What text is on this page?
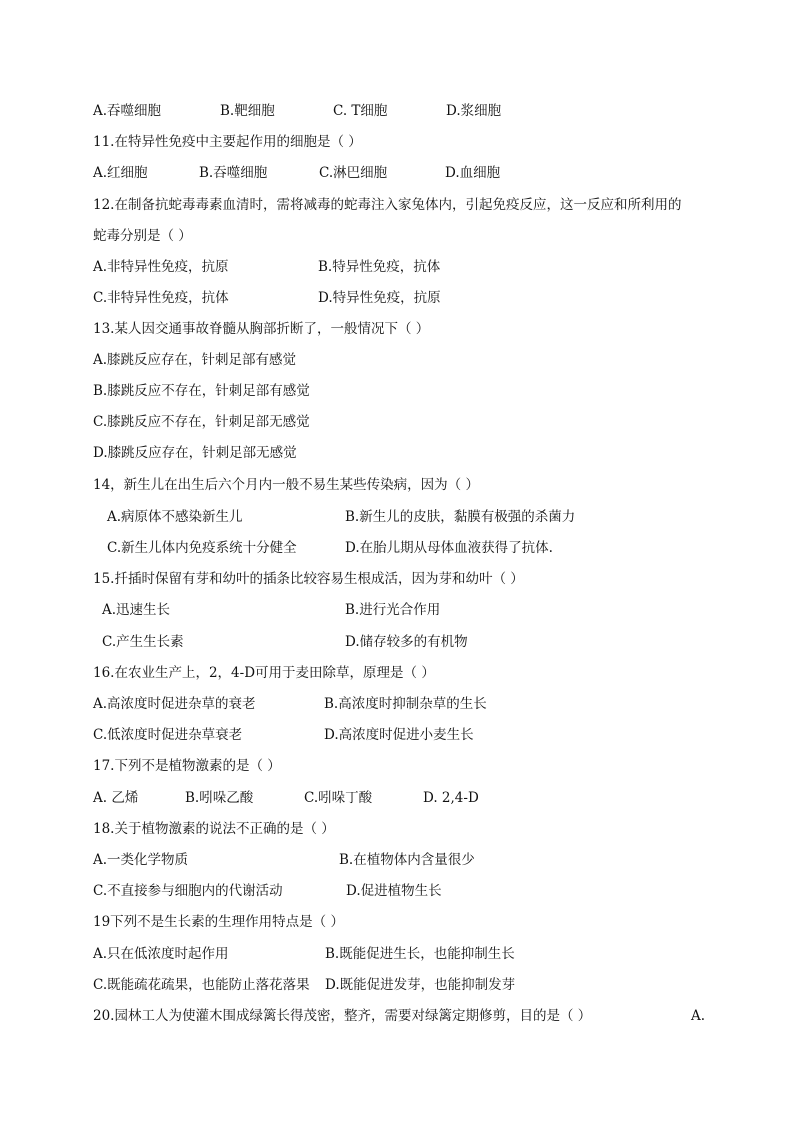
A.吞噬细胞	B.靶细胞	C. T细胞	D.浆细胞
11.在特异性免疫中主要起作用的细胞是（ ）
A.红细胞	B.吞噬细胞	C.淋巴细胞	D.血细胞
12.在制备抗蛇毒毒素血清时，需将减毒的蛇毒注入家兔体内，引起免疫反应，这一反应和所利用的
蛇毒分别是（ ）
A.非特异性免疫，抗原	B.特异性免疫，抗体
C.非特异性免疫，抗体	D.特异性免疫，抗原
13.某人因交通事故脊髓从胸部折断了，一般情况下（ ）
A.膝跳反应存在，针刺足部有感觉
B.膝跳反应不存在，针刺足部有感觉
C.膝跳反应不存在，针刺足部无感觉
D.膝跳反应存在，针刺足部无感觉
14，新生儿在出生后六个月内一般不易生某些传染病，因为（ ）
A.病原体不感染新生儿	B.新生儿的皮肤，黏膜有极强的杀菌力
C.新生儿体内免疫系统十分健全	D.在胎儿期从母体血液获得了抗体.
15.扦插时保留有芽和幼叶的插条比较容易生根成活，因为芽和幼叶（ ）
A.迅速生长	B.进行光合作用
C.产生生长素	D.储存较多的有机物
16.在农业生产上，2，4-D可用于麦田除草，原理是（ ）
A.高浓度时促进杂草的衰老	B.高浓度时抑制杂草的生长
C.低浓度时促进杂草衰老	D.高浓度时促进小麦生长
17.下列不是植物激素的是（ ）
A. 乙烯	B.吲哚乙酸	C.吲哚丁酸	D. 2,4-D
18.关于植物激素的说法不正确的是（ ）
A.一类化学物质	B.在植物体内含量很少
C.不直接参与细胞内的代谢活动	D.促进植物生长
19下列不是生长素的生理作用特点是（ ）
A.只在低浓度时起作用	B.既能促进生长，也能抑制生长
C.既能疏花疏果，也能防止落花落果 D.既能促进发芽，也能抑制发芽
20.园林工人为使灌木围成绿篱长得茂密，整齐，需要对绿篱定期修剪，目的是（ ）	A.
